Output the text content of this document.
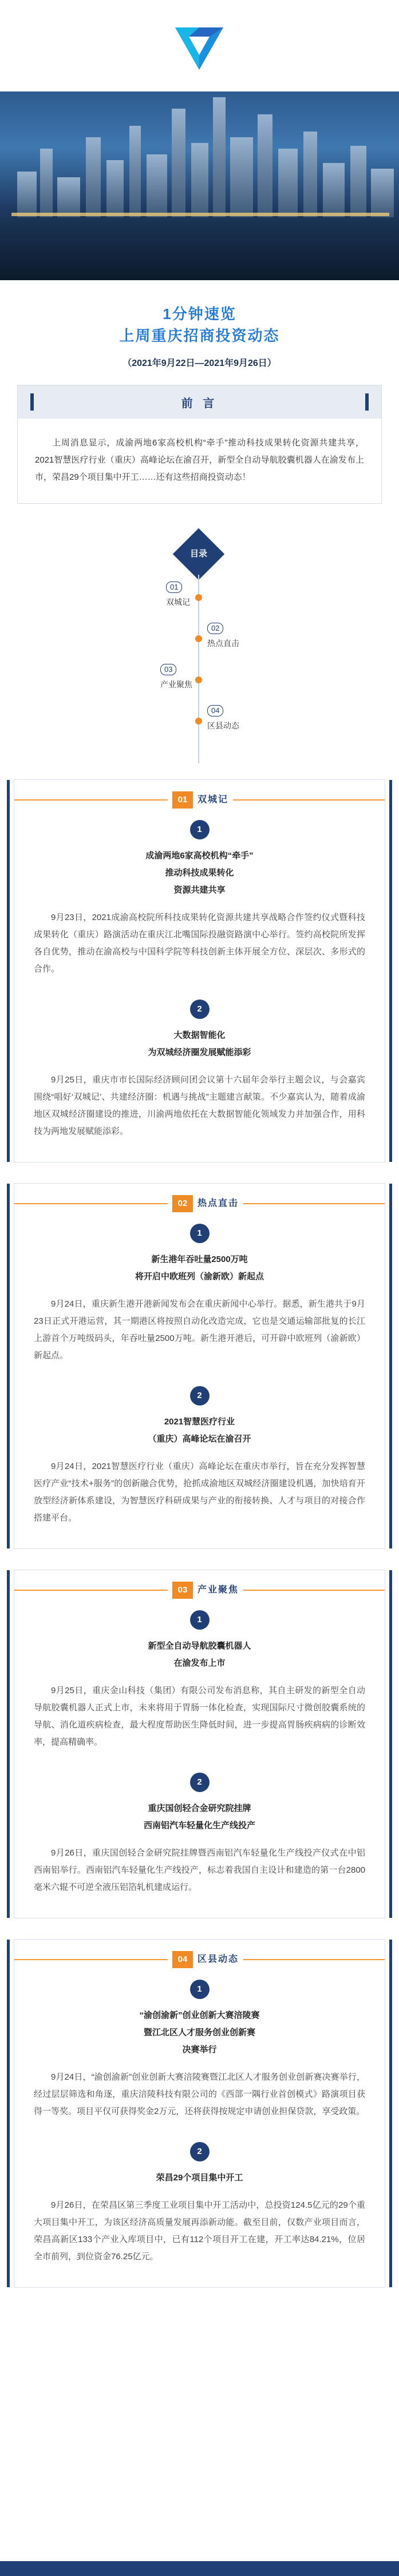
1分钟速览
上周重庆招商投资动态
（2021年9月22日—2021年9月26日）
前 言
上周消息显示，成渝两地6家高校机构“牵手”推动科技成果转化资源共建共享，2021智慧医疗行业（重庆）高峰论坛在渝召开，新型全自动导航胶囊机器人在渝发布上市，荣昌29个项目集中开工……还有这些招商投资动态！
目录
01
双城记
02
热点直击
03
产业聚焦
04
区县动态
01	双城记
1
成渝两地6家高校机构“牵手”
推动科技成果转化
资源共建共享
9月23日，2021成渝高校院所科技成果转化资源共建共享战略合作签约仪式暨科技成果转化（重庆）路演活动在重庆江北嘴国际投融资路演中心举行。签约高校院所发挥各自优势，推动在渝高校与中国科学院等科技创新主体开展全方位、深层次、多形式的合作。
2
大数据智能化
为双城经济圈发展赋能添彩
9月25日，重庆市市长国际经济顾问团会议第十六届年会举行主题会议，与会嘉宾围绕“唱好‘双城记’、共建经济圈：机遇与挑战”主题建言献策。不少嘉宾认为，随着成渝地区双城经济圈建设的推进，川渝两地依托在大数据智能化领域发力并加强合作，用科技为两地发展赋能添彩。
02	热点直击
1
新生港年吞吐量2500万吨
将开启中欧班列（渝新欧）新起点
9月24日，重庆新生港开港新闻发布会在重庆新闻中心举行。据悉，新生港共于9月23日正式开港运营，其一期港区将按照自动化改造完成，它也是交通运输部批复的长江上游首个万吨级码头，年吞吐量2500万吨。新生港开港后，可开辟中欧班列（渝新欧）新起点。
2
2021智慧医疗行业
（重庆）高峰论坛在渝召开
9月24日，2021智慧医疗行业（重庆）高峰论坛在重庆市举行，旨在充分发挥智慧医疗产业“技术+服务”的创新融合优势，抢抓成渝地区双城经济圈建设机遇，加快培育开放型经济新体系建设，为智慧医疗科研成果与产业的衔接转换、人才与项目的对接合作搭建平台。
03	产业聚焦
1
新型全自动导航胶囊机器人
在渝发布上市
9月25日，重庆金山科技（集团）有限公司发布消息称，其自主研发的新型全自动导航胶囊机器人正式上市，未来将用于胃肠一体化检查，实现国际尺寸微创胶囊系统的导航、消化道疾病检查，最大程度帮助医生降低时间，进一步提高胃肠疾病病的诊断效率，提高精确率。
2
重庆国创轻合金研究院挂牌
西南铝汽车轻量化生产线投产
9月26日，重庆国创轻合金研究院挂牌暨西南铝汽车轻量化生产线投产仪式在中铝西南铝举行。西南铝汽车轻量化生产线投产，标志着我国自主设计和建造的第一台2800毫米六辊不可逆全液压铝箔轧机建成运行。
04	区县动态
1
“渝创渝新”创业创新大赛涪陵赛
暨江北区人才服务创业创新赛
决赛举行
9月24日，“渝创渝新”创业创新大赛涪陵赛暨江北区人才服务创业创新赛决赛举行，经过层层筛选和角逐，重庆涪陵科技有限公司的《西部一隅行业首创模式》路演项目获得一等奖。项目平仅可获得奖金2万元，还将获得按规定申请创业担保贷款，享受政策。
2
荣昌29个项目集中开工
9月26日，在荣昌区第三季度工业项目集中开工活动中，总投资124.5亿元的29个重大项目集中开工，为该区经济高质量发展再添新动能。截至目前，仅数产业项目而言，荣昌高新区133个产业入库项目中，已有112个项目开工在建，开工率达84.21%，位居全市前列，到位资金76.25亿元。
